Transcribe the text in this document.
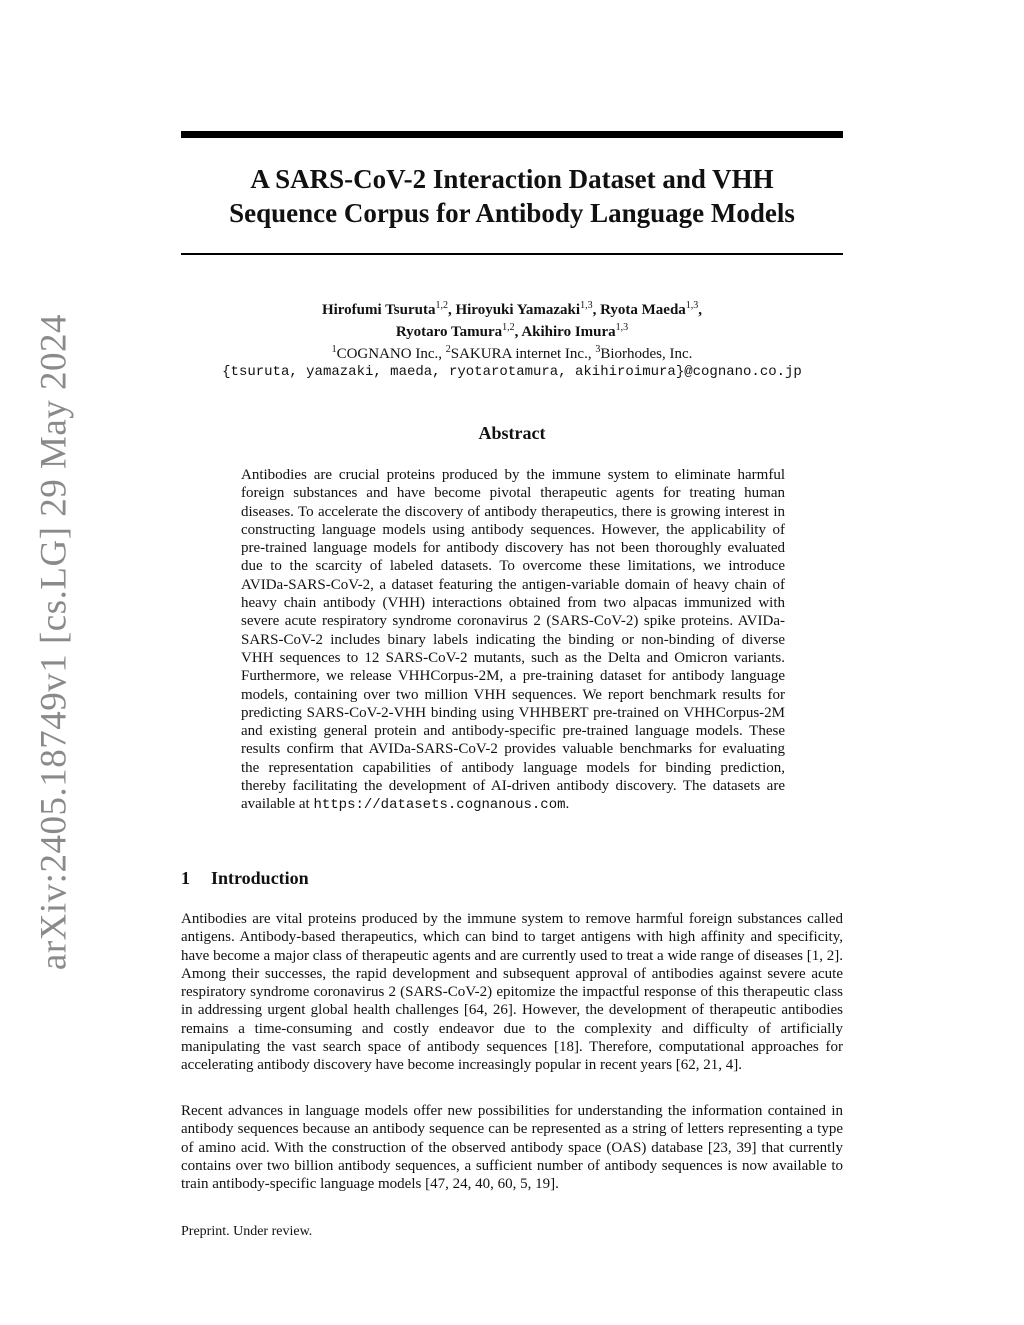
arXiv:2405.18749v1 [cs.LG] 29 May 2024
A SARS-CoV-2 Interaction Dataset and VHH
Sequence Corpus for Antibody Language Models
Hirofumi Tsuruta$^{1,2}$, Hiroyuki Yamazaki$^{1,3}$, Ryota Maeda$^{1,3}$,
Ryotaro Tamura$^{1,2}$, Akihiro Imura$^{1,3}$
$^1$COGNANO Inc., $^2$SAKURA internet Inc., $^3$Biorhodes, Inc.
{tsuruta, yamazaki, maeda, ryotarotamura, akihiroimura}@cognano.co.jp
Abstract

Antibodies are crucial proteins produced by the immune system to eliminate harmful foreign substances and have become pivotal therapeutic agents for treating human diseases. To accelerate the discovery of antibody therapeutics, there is growing interest in constructing language models using antibody sequences. However, the applicability of pre-trained language models for antibody discovery has not been thoroughly evaluated due to the scarcity of labeled datasets. To overcome these limitations, we introduce AVIDa-SARS-CoV-2, a dataset featuring the antigen-variable domain of heavy chain of heavy chain antibody (VHH) interactions obtained from two alpacas immunized with severe acute respiratory syndrome coronavirus 2 (SARS-CoV-2) spike proteins. AVIDa-SARS-CoV-2 includes binary labels indicating the binding or non-binding of diverse VHH sequences to 12 SARS-CoV-2 mutants, such as the Delta and Omicron variants. Furthermore, we release VHHCorpus-2M, a pre-training dataset for antibody language models, containing over two million VHH sequences. We report benchmark results for predicting SARS-CoV-2-VHH binding using VHHBERT pre-trained on VHHCorpus-2M and existing general protein and antibody-specific pre-trained language models. These results confirm that AVIDa-SARS-CoV-2 provides valuable benchmarks for evaluating the representation capabilities of antibody language models for binding prediction, thereby facilitating the development of AI-driven antibody discovery. The datasets are available at https://datasets.cognanous.com.

1 Introduction

Antibodies are vital proteins produced by the immune system to remove harmful foreign substances called antigens. Antibody-based therapeutics, which can bind to target antigens with high affinity and specificity, have become a major class of therapeutic agents and are currently used to treat a wide range of diseases [1, 2]. Among their successes, the rapid development and subsequent approval of antibodies against severe acute respiratory syndrome coronavirus 2 (SARS-CoV-2) epitomize the impactful response of this therapeutic class in addressing urgent global health challenges [64, 26]. However, the development of therapeutic antibodies remains a time-consuming and costly endeavor due to the complexity and difficulty of artificially manipulating the vast search space of antibody sequences [18]. Therefore, computational approaches for accelerating antibody discovery have become increasingly popular in recent years [62, 21, 4].

Recent advances in language models offer new possibilities for understanding the information contained in antibody sequences because an antibody sequence can be represented as a string of letters representing a type of amino acid. With the construction of the observed antibody space (OAS) database [23, 39] that currently contains over two billion antibody sequences, a sufficient number of antibody sequences is now available to train antibody-specific language models [47, 24, 40, 60, 5, 19].

Preprint. Under review.
